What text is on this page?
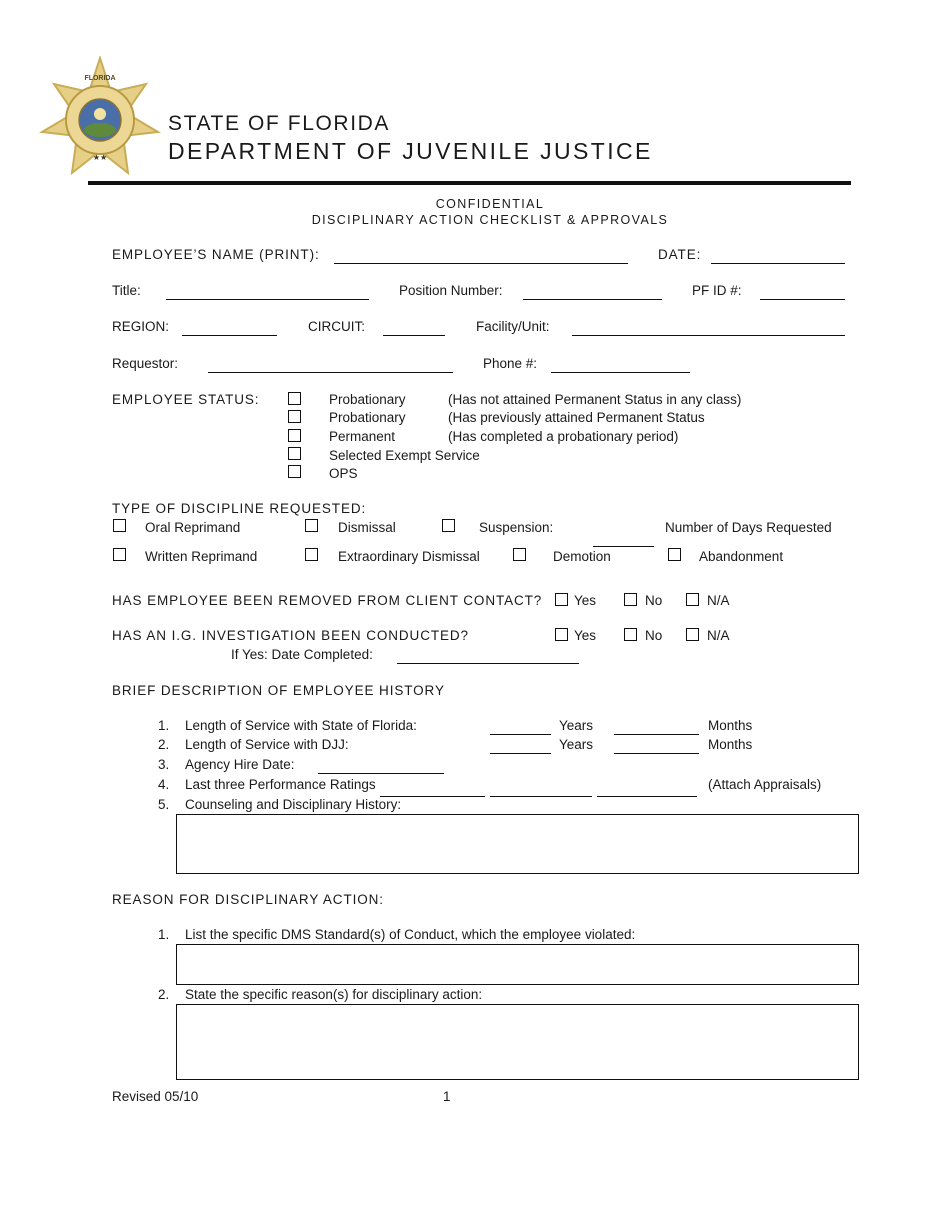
FLORIDA
★★
STATE OF FLORIDA
DEPARTMENT OF JUVENILE JUSTICE
CONFIDENTIAL
DISCIPLINARY ACTION CHECKLIST & APPROVALS
EMPLOYEE’S NAME (PRINT):	DATE:
Title:	Position Number:	PF ID #:
REGION:	CIRCUIT:	Facility/Unit:
Requestor:	Phone #:
EMPLOYEE STATUS:	Probationary	(Has not attained Permanent Status in any class)
Probationary	(Has previously attained Permanent Status
Permanent	(Has completed a probationary period)
Selected Exempt Service
OPS
TYPE OF DISCIPLINE REQUESTED:
Oral Reprimand	Dismissal	Suspension:	Number of Days Requested
Written Reprimand	Extraordinary Dismissal	Demotion	Abandonment
HAS EMPLOYEE BEEN REMOVED FROM CLIENT CONTACT? Yes	No	N/A
HAS AN I.G. INVESTIGATION BEEN CONDUCTED?	Yes	No	N/A
If Yes: Date Completed:
BRIEF DESCRIPTION OF EMPLOYEE HISTORY
1. Length of Service with State of Florida:	Years	Months
2. Length of Service with DJJ:	Years	Months
3. Agency Hire Date:
4. Last three Performance Ratings	(Attach Appraisals)
5. Counseling and Disciplinary History:
REASON FOR DISCIPLINARY ACTION:
1. List the specific DMS Standard(s) of Conduct, which the employee violated:
2. State the specific reason(s) for disciplinary action:
Revised 05/10	1
